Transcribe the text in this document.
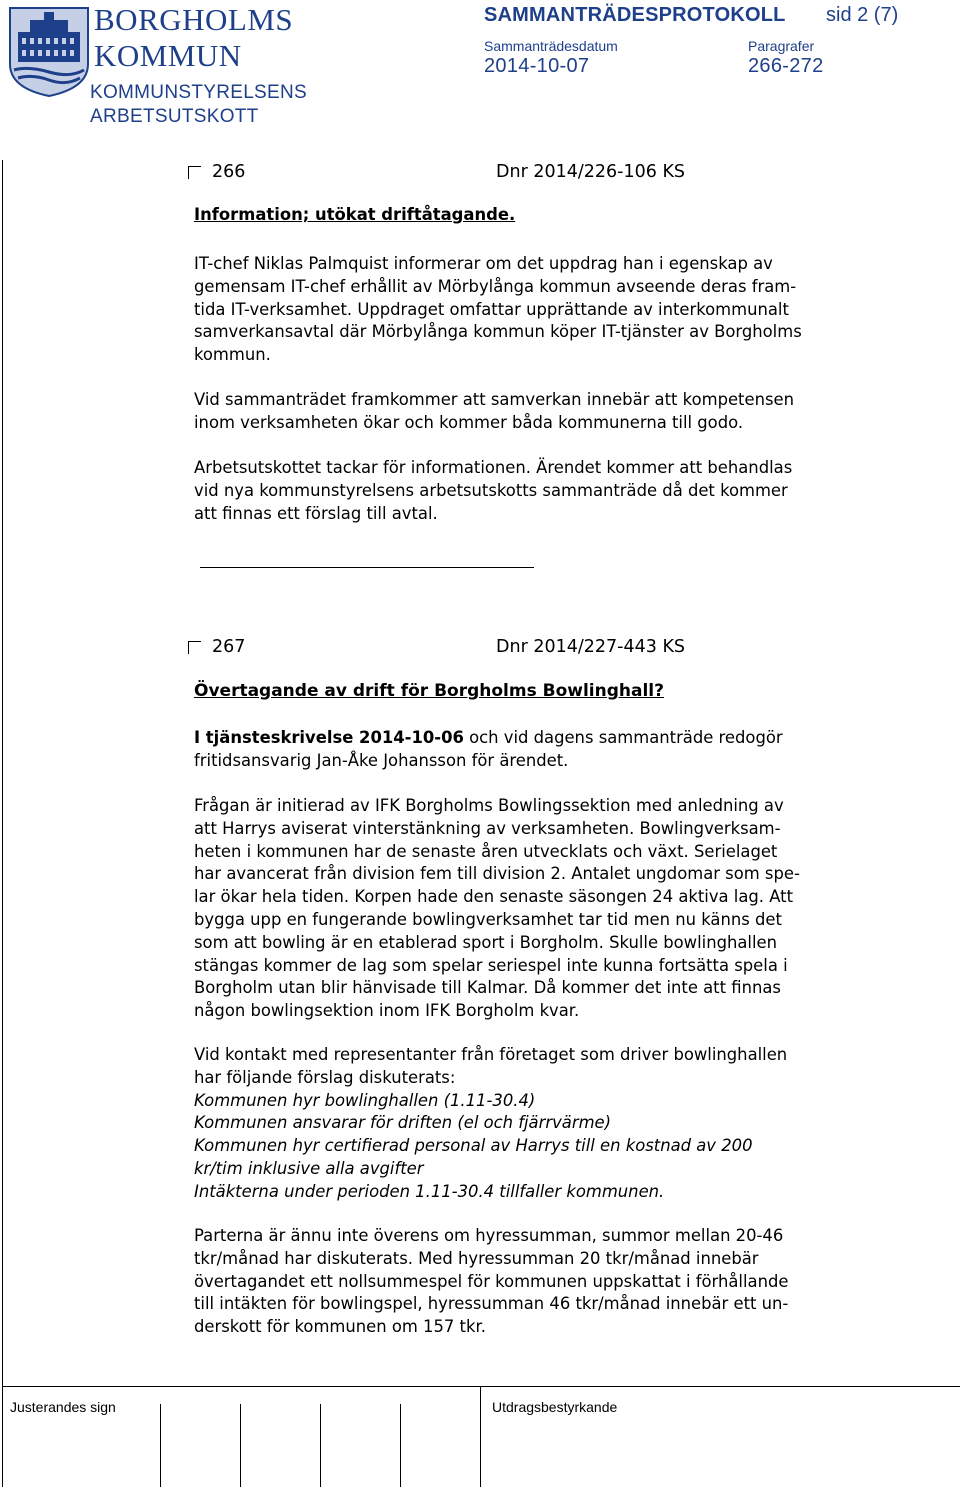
BORGHOLMS
KOMMUN
KOMMUNSTYRELSENS
ARBETSUTSKOTT
SAMMANTRÄDESPROTOKOLL sid 2 (7)
Sammanträdesdatum	Paragrafer
2014-10-07	266-272
266	Dnr 2014/226-106 KS
Information; utökat driftåtagande.
IT-chef Niklas Palmquist informerar om det uppdrag han i egenskap av
gemensam IT-chef erhållit av Mörbylånga kommun avseende deras fram-
tida IT-verksamhet. Uppdraget omfattar upprättande av interkommunalt
samverkansavtal där Mörbylånga kommun köper IT-tjänster av Borgholms
kommun.
Vid sammanträdet framkommer att samverkan innebär att kompetensen
inom verksamheten ökar och kommer båda kommunerna till godo.
Arbetsutskottet tackar för informationen. Ärendet kommer att behandlas
vid nya kommunstyrelsens arbetsutskotts sammanträde då det kommer
att finnas ett förslag till avtal.
267	Dnr 2014/227-443 KS
Övertagande av drift för Borgholms Bowlinghall?
I tjänsteskrivelse 2014-10-06 och vid dagens sammanträde redogör
fritidsansvarig Jan-Åke Johansson för ärendet.
Frågan är initierad av IFK Borgholms Bowlingssektion med anledning av
att Harrys aviserat vinterstänkning av verksamheten. Bowlingverksam-
heten i kommunen har de senaste åren utvecklats och växt. Serielaget
har avancerat från division fem till division 2. Antalet ungdomar som spe-
lar ökar hela tiden. Korpen hade den senaste säsongen 24 aktiva lag. Att
bygga upp en fungerande bowlingverksamhet tar tid men nu känns det
som att bowling är en etablerad sport i Borgholm. Skulle bowlinghallen
stängas kommer de lag som spelar seriespel inte kunna fortsätta spela i
Borgholm utan blir hänvisade till Kalmar. Då kommer det inte att finnas
någon bowlingsektion inom IFK Borgholm kvar.
Vid kontakt med representanter från företaget som driver bowlinghallen
har följande förslag diskuterats:
Kommunen hyr bowlinghallen (1.11-30.4)
Kommunen ansvarar för driften (el och fjärrvärme)
Kommunen hyr certifierad personal av Harrys till en kostnad av 200
kr/tim inklusive alla avgifter
Intäkterna under perioden 1.11-30.4 tillfaller kommunen.
Parterna är ännu inte överens om hyressumman, summor mellan 20-46
tkr/månad har diskuterats. Med hyressumman 20 tkr/månad innebär
övertagandet ett nollsummespel för kommunen uppskattat i förhållande
till intäkten för bowlingspel, hyressumman 46 tkr/månad innebär ett un-
derskott för kommunen om 157 tkr.
Justerandes sign	Utdragsbestyrkande
